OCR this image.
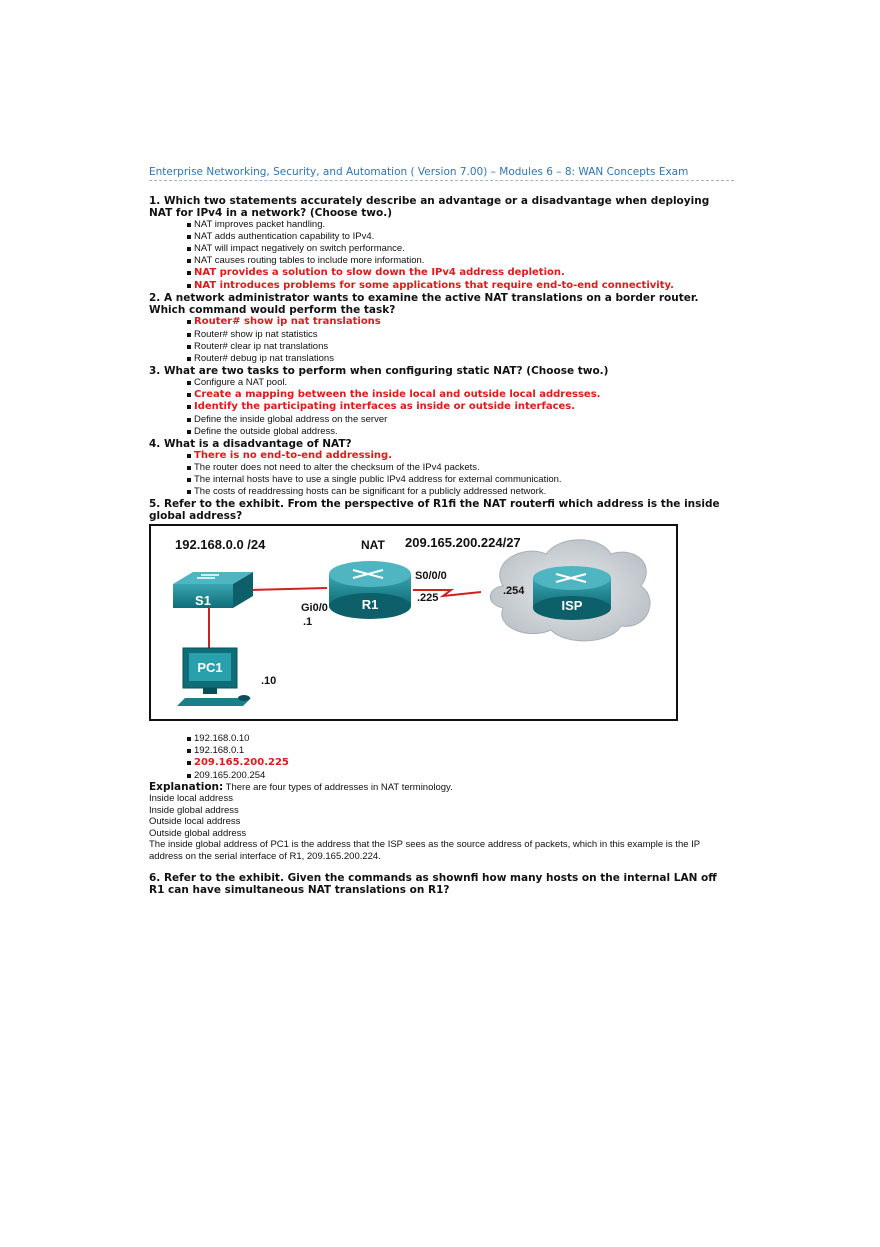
Enterprise Networking, Security, and Automation ( Version 7.00) – Modules 6 – 8: WAN Concepts Exam

1. Which two statements accurately describe an advantage or a disadvantage when deploying NAT for IPv4 in a network? (Choose two.)

NAT improves packet handling.
NAT adds authentication capability to IPv4.
NAT will impact negatively on switch performance.
NAT causes routing tables to include more information.
NAT provides a solution to slow down the IPv4 address depletion.
NAT introduces problems for some applications that require end-to-end connectivity.

2. A network administrator wants to examine the active NAT translations on a border router. Which command would perform the task?

Router# show ip nat translations
Router# show ip nat statistics
Router# clear ip nat translations
Router# debug ip nat translations

3. What are two tasks to perform when configuring static NAT? (Choose two.)

Configure a NAT pool.
Create a mapping between the inside local and outside local addresses.
Identify the participating interfaces as inside or outside interfaces.
Define the inside global address on the server
Define the outside global address.

4. What is a disadvantage of NAT?

There is no end-to-end addressing.
The router does not need to alter the checksum of the IPv4 packets.
The internal hosts have to use a single public IPv4 address for external communication.
The costs of readdressing hosts can be significant for a publicly addressed network.

5. Refer to the exhibit. From the perspective of R1ﬁ the NAT routerﬁ which address is the inside global address?

192.168.0.0 /24	NAT 209.165.200.224/27
S1	R1	ISP
PC1
Gi0/0
.1
S0/0/0
.225
.254
.10
192.168.0.10
192.168.0.1
209.165.200.225
209.165.200.254

Explanation: There are four types of addresses in NAT terminology.

Inside local address

Inside global address

Outside local address

Outside global address

The inside global address of PC1 is the address that the ISP sees as the source address of packets, which in this example is the IP address on the serial interface of R1, 209.165.200.224.

6. Refer to the exhibit. Given the commands as shownﬁ how many hosts on the internal LAN off R1 can have simultaneous NAT translations on R1?
